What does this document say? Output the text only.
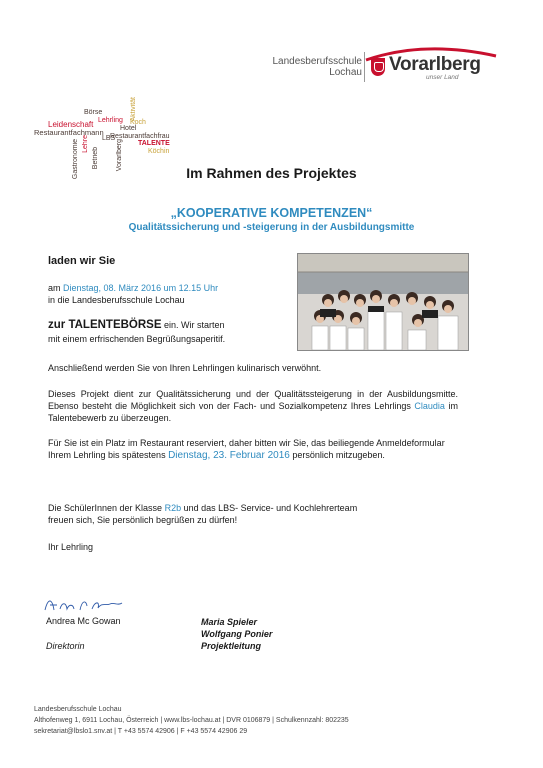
Landesberufsschule
Lochau Vorarlberg
unser Land
Börse
Lehrling
Leidenschaft
Restaurantfachmann Hotel
Koch
Restaurantfachfrau
TALENTE
Köchin
Gastronomie Betrieb Vorarlberg
Lehre LBS
Aktivität
Im Rahmen des Projektes
„KOOPERATIVE KOMPETENZEN“
Qualitätssicherung und -steigerung in der Ausbildungsmitte
laden wir Sie
am Dienstag, 08. März 2016 um 12.15 Uhr
in die Landesberufsschule Lochau
zur TALENTEBÖRSE ein. Wir starten
mit einem erfrischenden Begrüßungsaperitif.
Anschließend werden Sie von Ihren Lehrlingen kulinarisch verwöhnt.
Dieses Projekt dient zur Qualitätssicherung und der Qualitätssteigerung in der Ausbildungsmitte. Ebenso besteht die Möglichkeit sich von der Fach- und Sozialkompetenz Ihres Lehrlings Claudia im Talentebewerb zu überzeugen.
Für Sie ist ein Platz im Restaurant reserviert, daher bitten wir Sie, das beiliegende Anmeldeformular Ihrem Lehrling bis spätestens Dienstag, 23. Februar 2016 persönlich mitzugeben.
Die SchülerInnen der Klasse R2b und das LBS- Service- und Kochlehrerteam
freuen sich, Sie persönlich begrüßen zu dürfen!
Ihr Lehrling
Andrea Mc Gowan
Direktorin
Maria Spieler
Wolfgang Ponier
Projektleitung
Landesberufsschule Lochau
Althofenweg 1, 6911 Lochau, Österreich | www.lbs-lochau.at | DVR 0106879 | Schulkennzahl: 802235
sekretariat@lbslo1.snv.at | T +43 5574 42906 | F +43 5574 42906 29
